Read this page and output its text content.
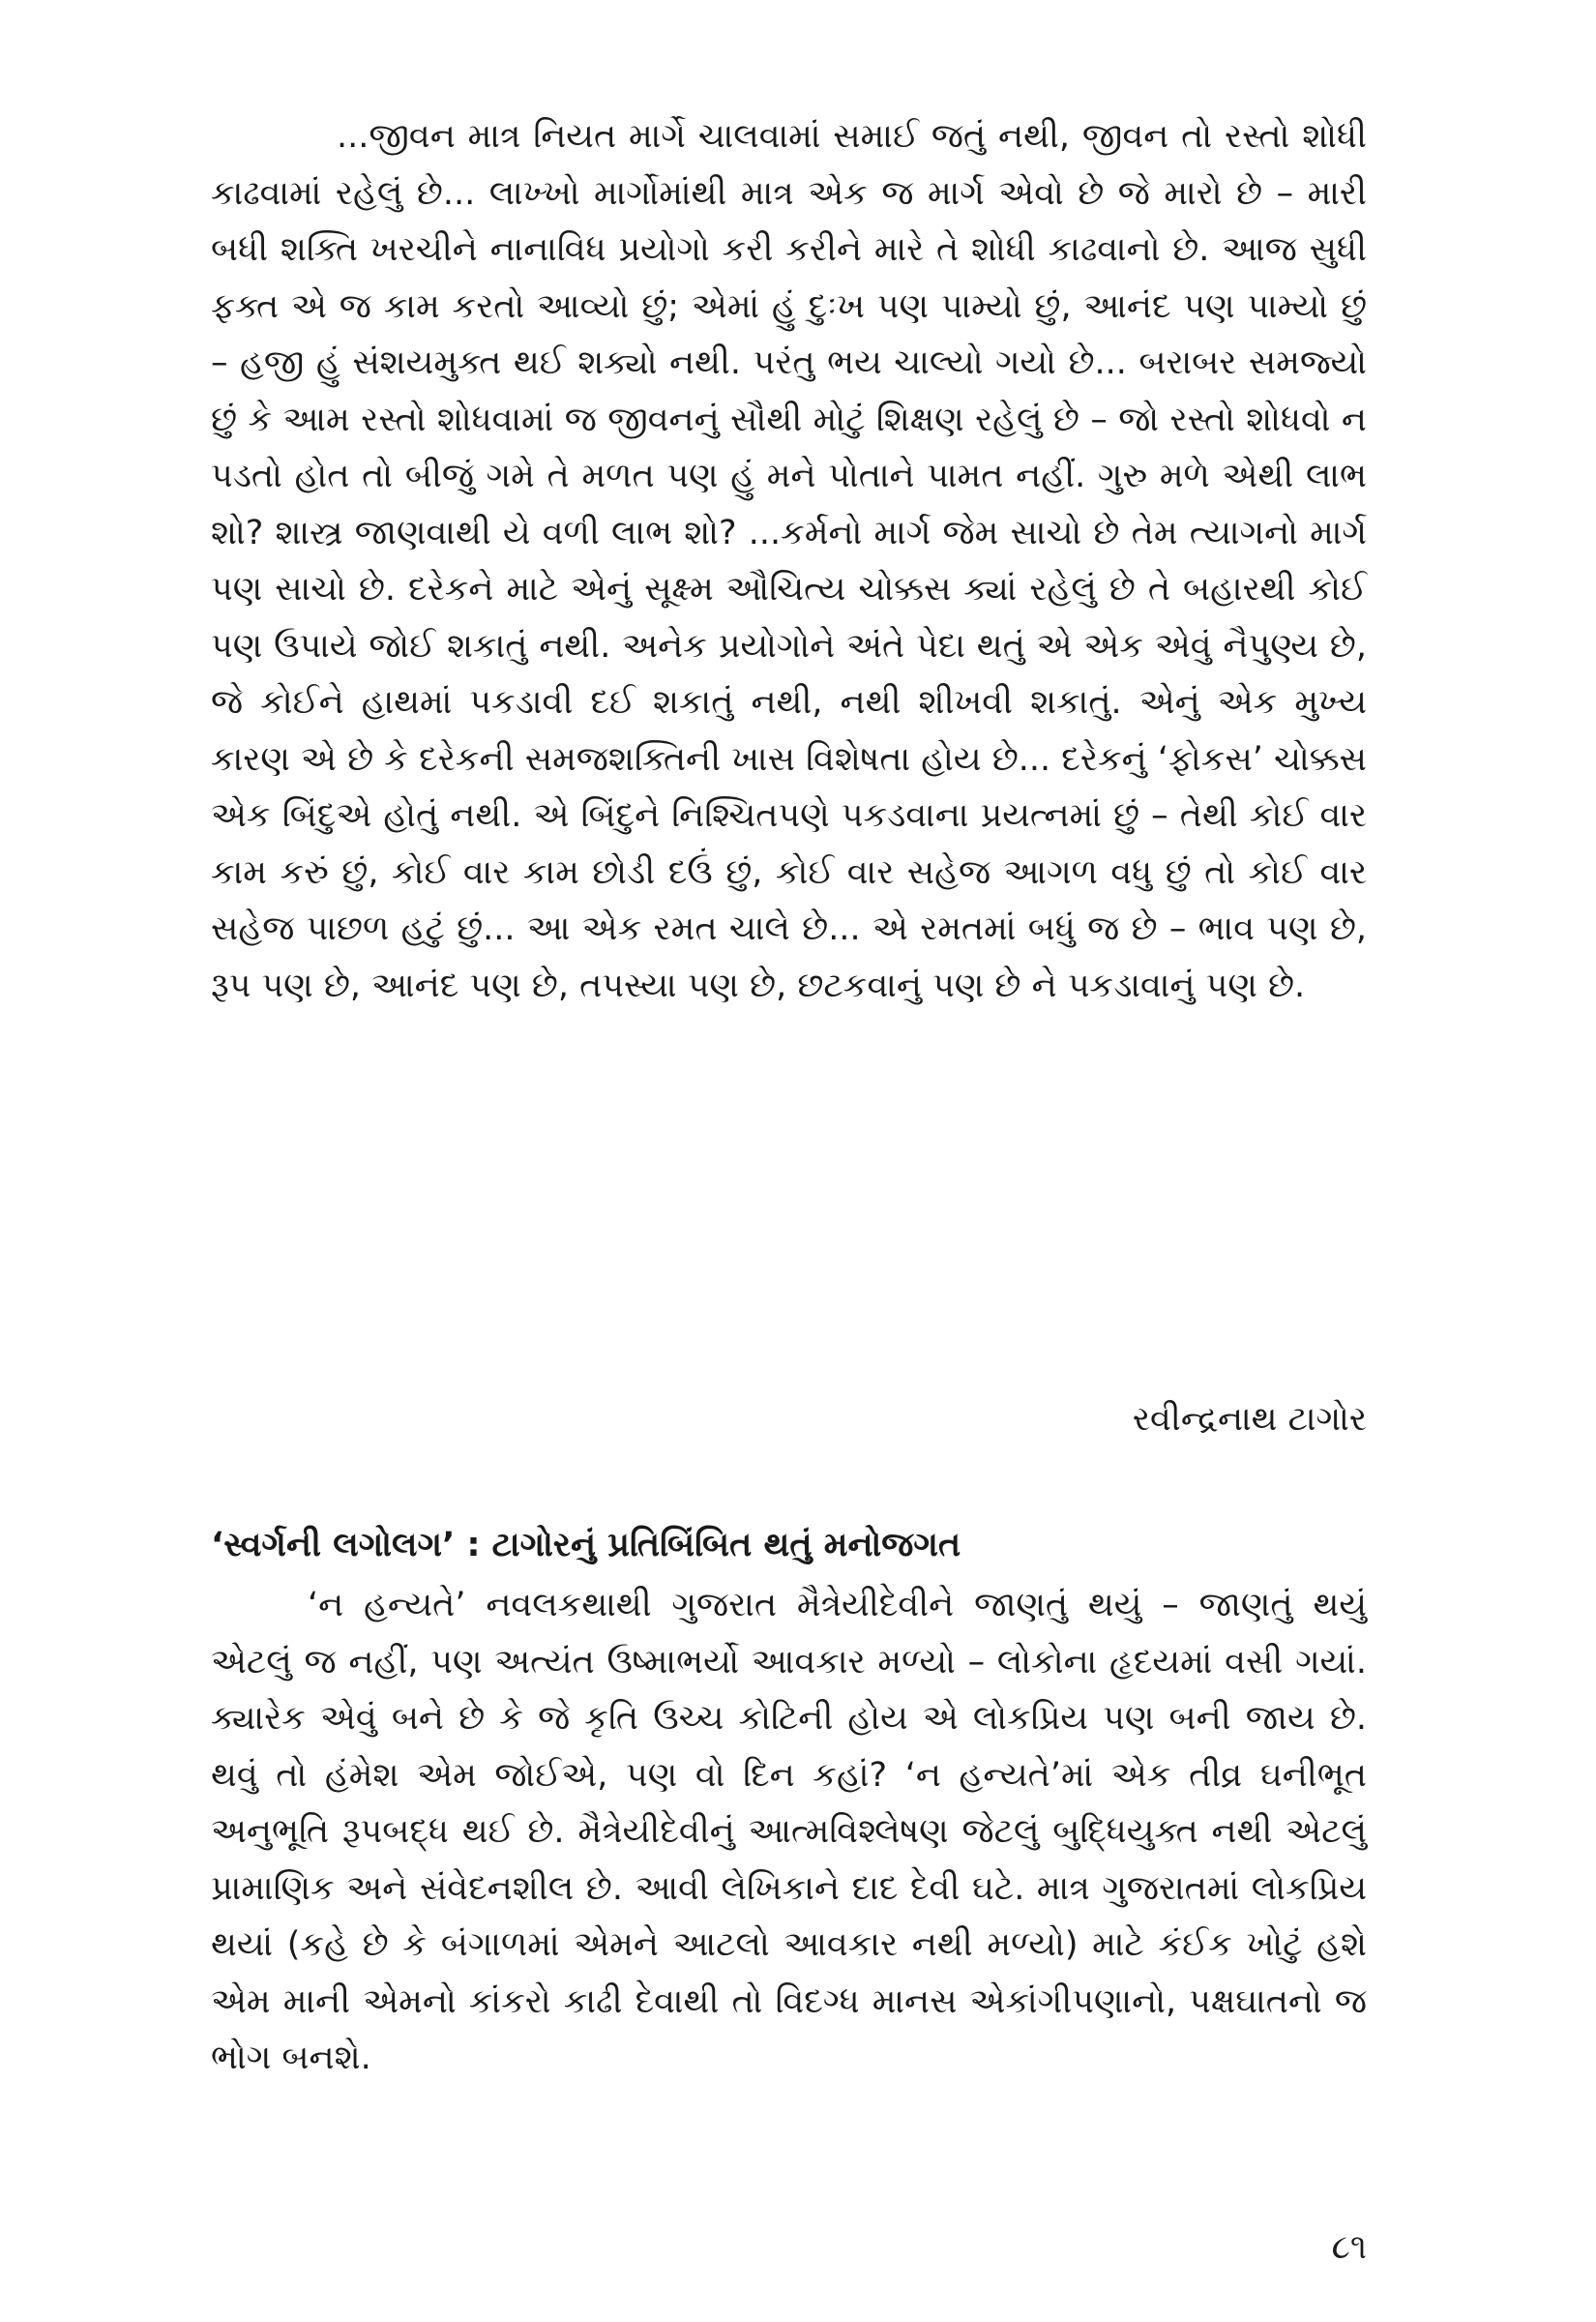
...જીવન માત્ર નિયત માર્ગે ચાલવામાં સમાઈ જતું નથી, જીવન તો રસ્તો શોધી કાઢવામાં રહેલું છે... લાખ્ખો માર્ગોમાંથી માત્ર એક જ માર્ગ એવો છે જે મારો છે – મારી બધી શક્તિ ખરચીને નાનાવિધ પ્રયોગો કરી કરીને મારે તે શોધી કાઢવાનો છે. આજ સુધી ફક્ત એ જ કામ કરતો આવ્યો છું; એમાં હું દુઃખ પણ પામ્યો છું, આનંદ પણ પામ્યો છું – હજી હું સંશયમુક્ત થઈ શક્યો નથી. પરંતુ ભય ચાલ્યો ગયો છે... બરાબર સમજ્યો છું કે આમ રસ્તો શોધવામાં જ જીવનનું સૌથી મોટું શિક્ષણ રહેલું છે – જો રસ્તો શોધવો ન પડતો હોત તો બીજું ગમે તે મળત પણ હું મને પોતાને પામત નહીં. ગુરુ મળે એથી લાભ શો? શાસ્ત્ર જાણવાથી યે વળી લાભ શો? ...કર્મનો માર્ગ જેમ સાચો છે તેમ ત્યાગનો માર્ગ પણ સાચો છે. દરેકને માટે એનું સૂક્ષ્મ ઔચિત્ય ચોક્કસ ક્યાં રહેલું છે તે બહારથી કોઈ પણ ઉપાયે જોઈ શકાતું નથી. અનેક પ્રયોગોને અંતે પેદા થતું એ એક એવું નૈપુણ્ય છે, જે કોઈને હાથમાં પકડાવી દઈ શકાતું નથી, નથી શીખવી શકાતું. એનું એક મુખ્ય કારણ એ છે કે દરેકની સમજશક્તિની ખાસ વિશેષતા હોય છે... દરેકનું ‘ફોકસ’ ચોક્કસ એક બિંદુએ હોતું નથી. એ બિંદુને નિશ્ચિતપણે પકડવાના પ્રયત્નમાં છું – તેથી કોઈ વાર કામ કરું છું, કોઈ વાર કામ છોડી દઉં છું, કોઈ વાર સહેજ આગળ વધુ છું તો કોઈ વાર સહેજ પાછળ હટું છું... આ એક રમત ચાલે છે... એ રમતમાં બધું જ છે – ભાવ પણ છે, રૂપ પણ છે, આનંદ પણ છે, તપસ્યા પણ છે, છટકવાનું પણ છે ને પકડાવાનું પણ છે.

રવીન્દ્રનાથ ટાગોર
‘સ્વર્ગની લગોલગ’ : ટાગોરનું પ્રતિબિંબિત થતું મનોજગત

‘ન હન્યતે’ નવલકથાથી ગુજરાત મૈત્રેયીદેવીને જાણતું થયું – જાણતું થયું એટલું જ નહીં, પણ અત્યંત ઉષ્માભર્યો આવકાર મળ્યો – લોકોના હૃદયમાં વસી ગયાં. ક્યારેક એવું બને છે કે જે કૃતિ ઉચ્ચ કોટિની હોય એ લોકપ્રિય પણ બની જાય છે. થવું તો હંમેશ એમ જોઈએ, પણ વો દિન કહાં? ‘ન હન્યતે’માં એક તીવ્ર ઘનીભૂત અનુભૂતિ રૂપબદ્ધ થઈ છે. મૈત્રેયીદેવીનું આત્મવિશ્લેષણ જેટલું બુદ્ધિયુક્ત નથી એટલું પ્રામાણિક અને સંવેદનશીલ છે. આવી લેખિકાને દાદ દેવી ઘટે. માત્ર ગુજરાતમાં લોકપ્રિય થયાં (કહે છે કે બંગાળમાં એમને આટલો આવકાર નથી મળ્યો) માટે કંઈક ખોટું હશે એમ માની એમનો કાંકરો કાઢી દેવાથી તો વિદગ્ધ માનસ એકાંગીપણાનો, પક્ષઘાતનો જ ભોગ બનશે.

૮૧
